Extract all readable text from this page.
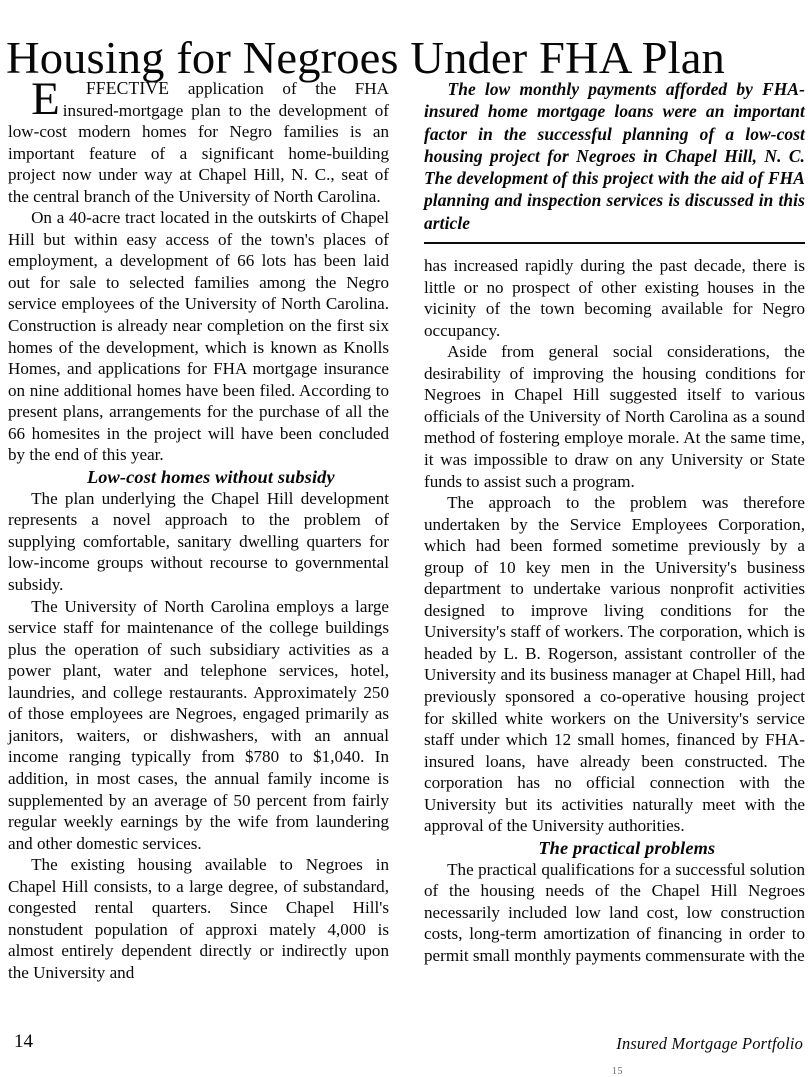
Housing for Negroes Under FHA Plan

E FFECTIVE application of the FHA insured-mortgage plan to the development of low-cost modern homes for Negro families is an important feature of a significant home-building project now under way at Chapel Hill, N. C., seat of the central branch of the University of North Carolina.

On a 40-acre tract located in the outskirts of Chapel Hill but within easy access of the town's places of employment, a development of 66 lots has been laid out for sale to selected families among the Negro service employees of the University of North Carolina. Construction is already near completion on the first six homes of the development, which is known as Knolls Homes, and applications for FHA mortgage insurance on nine additional homes have been filed. According to present plans, arrangements for the purchase of all the 66 homesites in the project will have been concluded by the end of this year.

Low-cost homes without subsidy

The plan underlying the Chapel Hill development represents a novel approach to the problem of supplying comfortable, sanitary dwelling quarters for low-income groups without recourse to governmental subsidy.

The University of North Carolina employs a large service staff for maintenance of the college buildings plus the operation of such subsidiary activities as a power plant, water and telephone services, hotel, laundries, and college restaurants. Approximately 250 of those employees are Negroes, engaged primarily as janitors, waiters, or dishwashers, with an annual income ranging typically from $780 to $1,040. In addition, in most cases, the annual family income is supplemented by an average of 50 percent from fairly regular weekly earnings by the wife from laundering and other domestic services.

The existing housing available to Negroes in Chapel Hill consists, to a large degree, of substandard, congested rental quarters. Since Chapel Hill's nonstudent population of approxi mately 4,000 is almost entirely dependent directly or indirectly upon the University and

The low monthly payments afforded by FHA-insured home mortgage loans were an important factor in the successful planning of a low-cost housing project for Negroes in Chapel Hill, N. C. The development of this project with the aid of FHA planning and inspection services is discussed in this article

has increased rapidly during the past decade, there is little or no prospect of other existing houses in the vicinity of the town becoming available for Negro occupancy.

Aside from general social considerations, the desirability of improving the housing conditions for Negroes in Chapel Hill suggested itself to various officials of the University of North Carolina as a sound method of fostering employe morale. At the same time, it was impossible to draw on any University or State funds to assist such a program.

The approach to the problem was therefore undertaken by the Service Employees Corporation, which had been formed sometime previously by a group of 10 key men in the University's business department to undertake various nonprofit activities designed to improve living conditions for the University's staff of workers. The corporation, which is headed by L. B. Rogerson, assistant controller of the University and its business manager at Chapel Hill, had previously sponsored a co-operative housing project for skilled white workers on the University's service staff under which 12 small homes, financed by FHA-insured loans, have already been constructed. The corporation has no official connection with the University but its activities naturally meet with the approval of the University authorities.

The practical problems

The practical qualifications for a successful solution of the housing needs of the Chapel Hill Negroes necessarily included low land cost, low construction costs, long-term amortization of financing in order to permit small monthly payments commensurate with the

14	Insured Mortgage Portfolio
15
